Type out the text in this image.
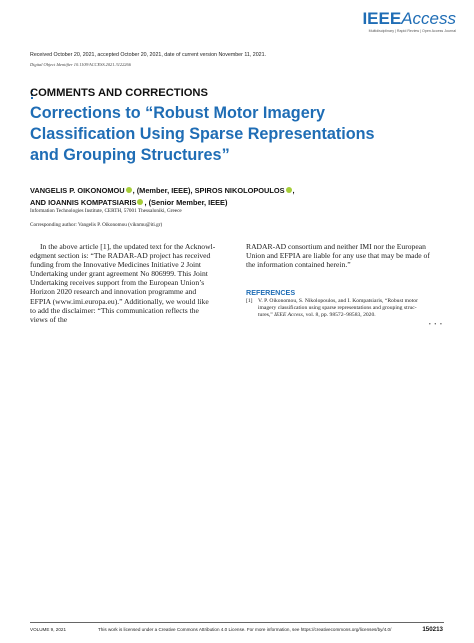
IEEEAccess
Multidisciplinary | Rapid Review | Open Access Journal
Received October 20, 2021, accepted October 20, 2021, date of current version November 11, 2021.
Digital Object Identifier 10.1109/ACCESS.2021.3122266
COMMENTS AND CORRECTIONS
Corrections to “Robust Motor Imagery
Classification Using Sparse Representations
and Grouping Structures”
VANGELIS P. OIKONOMOU , (Member, IEEE), SPIROS NIKOLOPOULOS ,
AND IOANNIS KOMPATSIARIS , (Senior Member, IEEE)
Information Technologies Institute, CERTH, 57001 Thessaloniki, Greece
Corresponding author: Vangelis P. Oikonomou (viknmu@iti.gr)
In the above article [1], the updated text for the Acknowl-
edgment section is: “The RADAR-AD project has received
funding from the Innovative Medicines Initiative 2 Joint
Undertaking under grant agreement No 806999. This Joint
Undertaking receives support from the European Union’s
Horizon 2020 research and innovation programme and
EFPIA (www.imi.europa.eu).” Additionally, we would like
to add the disclaimer: “This communication reflects the
views of the
RADAR-AD consortium and neither IMI nor the European
Union and EFPIA are liable for any use that may be made of
the information contained herein.”
REFERENCES
[1] V. P. Oikonomou, S. Nikolopoulos, and I. Kompatsiaris, “Robust motor
imagery classification using sparse representations and grouping struc-
tures,” IEEE Access, vol. 8, pp. 98572–98583, 2020.
• • •
VOLUME 9, 2021	This work is licensed under a Creative Commons Attribution 4.0 License. For more information, see https://creativecommons.org/licenses/by/4.0/	150213
